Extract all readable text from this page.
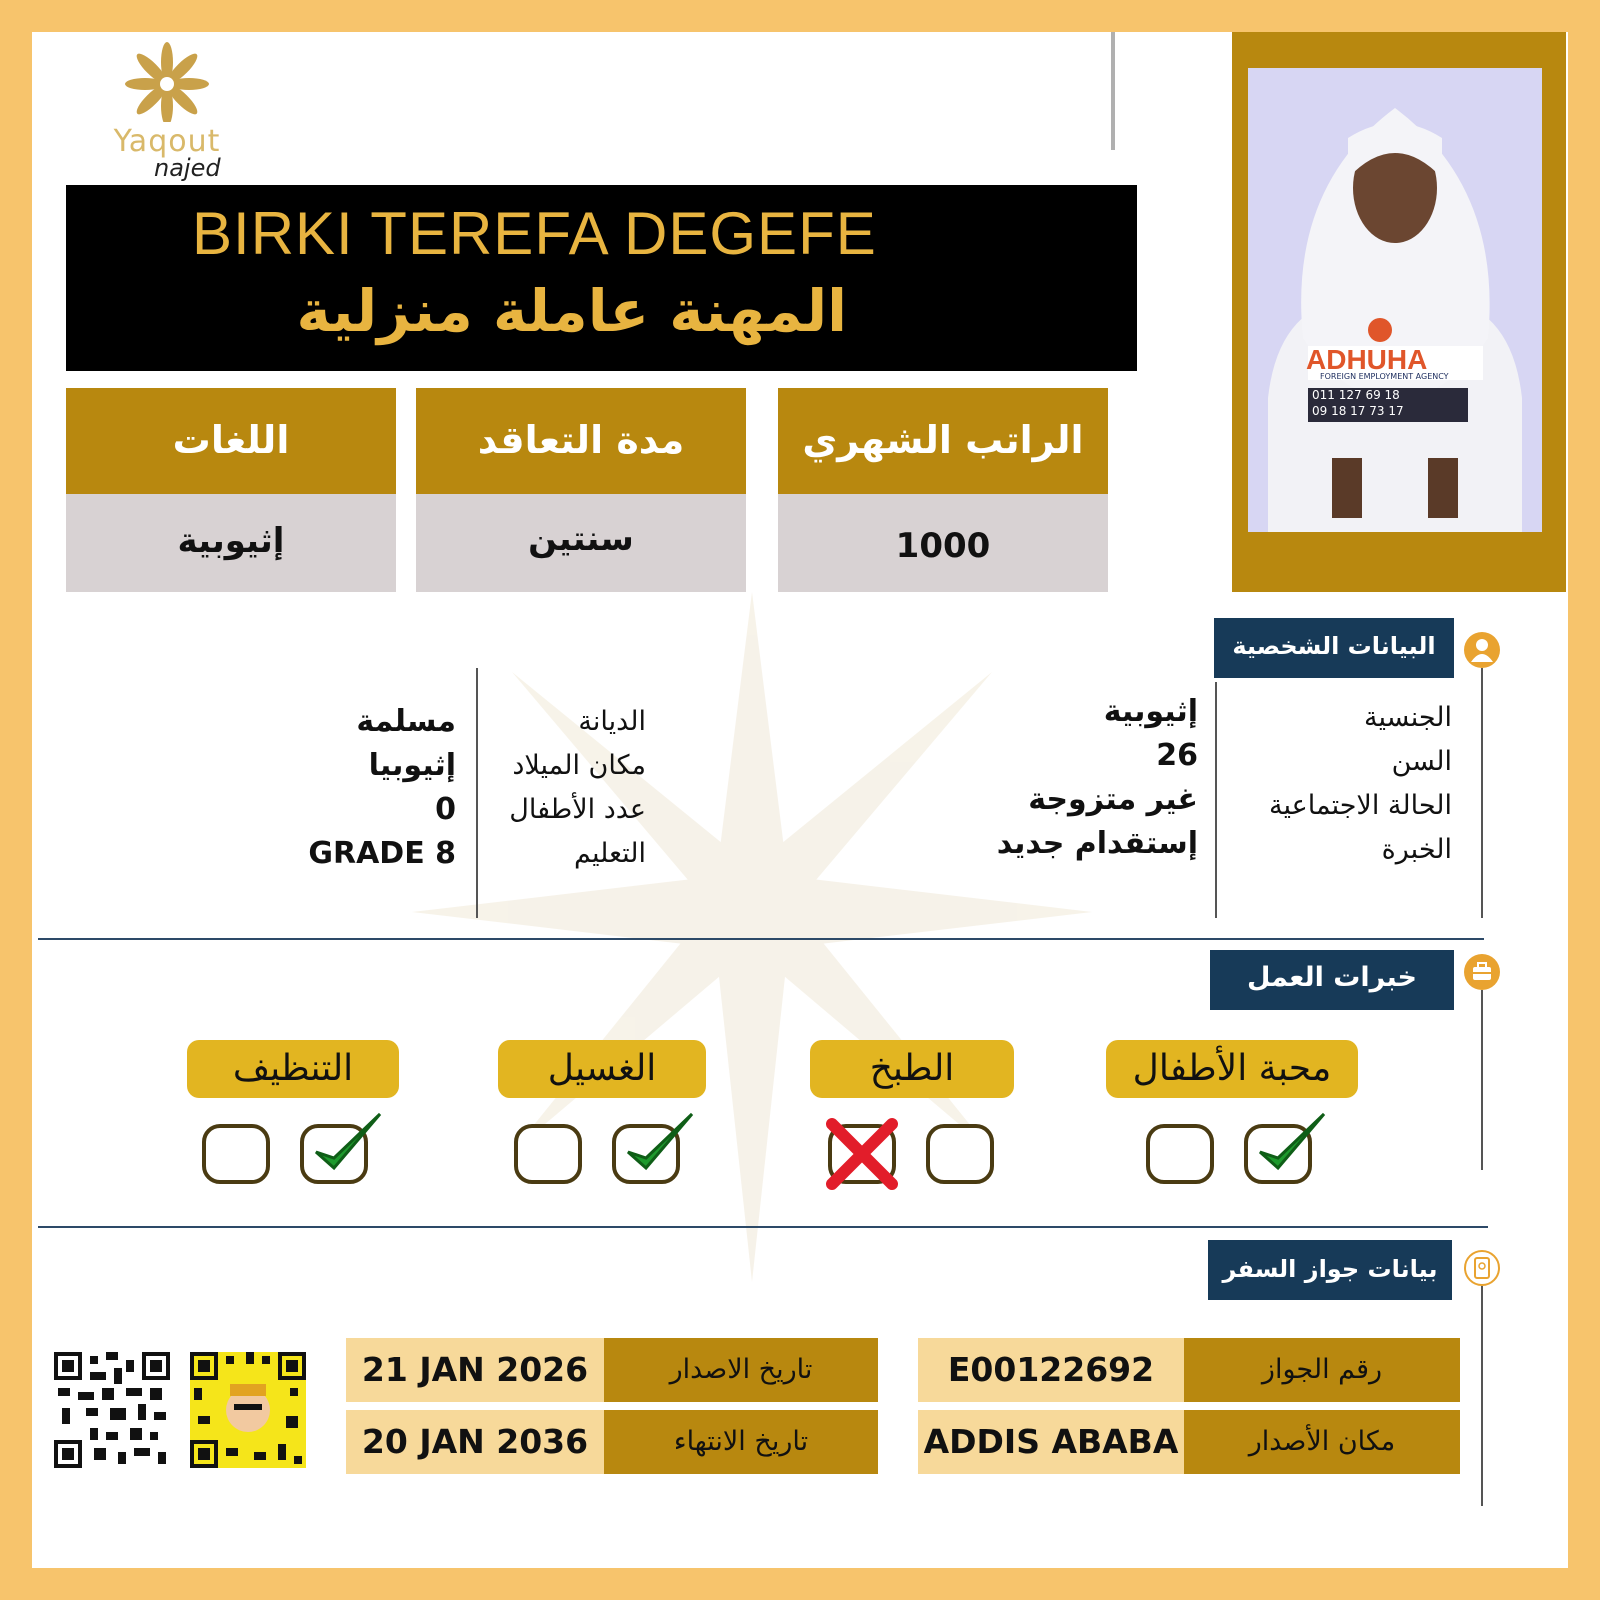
Yaqout
najed
BIRKI TEREFA DEGEFE
المهنة عاملة منزلية
ADHUHA
FOREIGN EMPLOYMENT AGENCY
011 127 69 18
09 18 17 73 17
الراتب الشهري
1000
مدة التعاقد
سنتين
اللغات
إثيوبية
البيانات الشخصية
الجنسية
السن
الحالة الاجتماعية
الخبرة
إثيوبية
26
غير متزوجة
إستقدام جديد
الديانة
مكان الميلاد
عدد الأطفال
التعليم
مسلمة
إثيوبيا
0
GRADE 8
خبرات العمل
محبة الأطفال
الطبخ
الغسيل
التنظيف
بيانات جواز السفر
رقم الجواز
E00122692
مكان الأصدار
ADDIS ABABA
تاريخ الاصدار
21 JAN 2026
تاريخ الانتهاء
20 JAN 2036
